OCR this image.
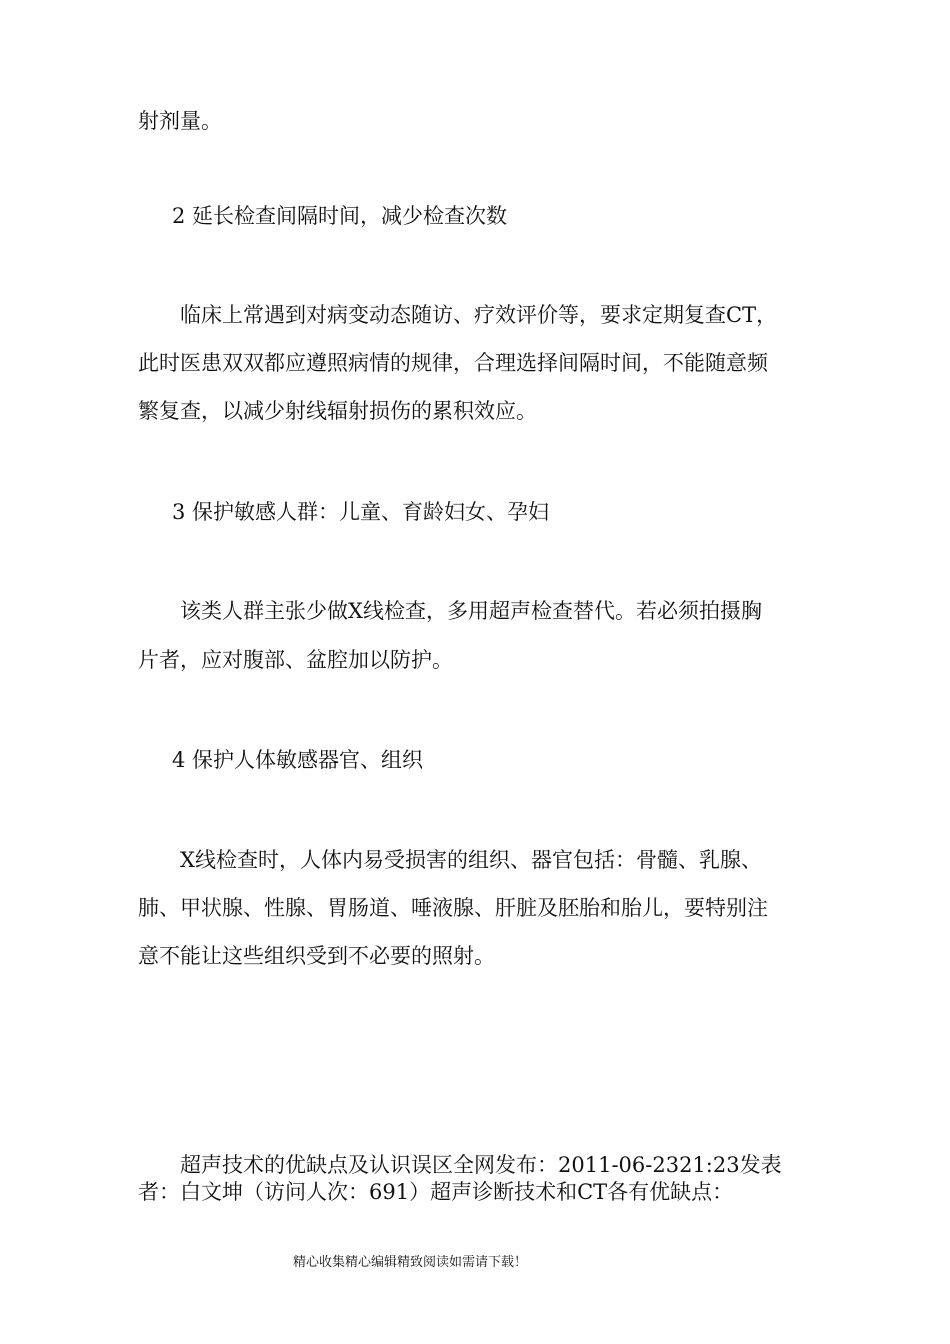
射剂量。
2 延长检查间隔时间，减少检查次数
临床上常遇到对病变动态随访、疗效评价等，要求定期复查CT，
此时医患双双都应遵照病情的规律，合理选择间隔时间，不能随意频
繁复查，以减少射线辐射损伤的累积效应。
3 保护敏感人群：儿童、育龄妇女、孕妇
该类人群主张少做X线检查，多用超声检查替代。若必须拍摄胸
片者，应对腹部、盆腔加以防护。
4 保护人体敏感器官、组织
X线检查时，人体内易受损害的组织、器官包括：骨髓、乳腺、
肺、甲状腺、性腺、胃肠道、唾液腺、肝脏及胚胎和胎儿，要特别注
意不能让这些组织受到不必要的照射。
超声技术的优缺点及认识误区全网发布：2011-06-2321:23发表
者：白文坤（访问人次：691）超声诊断技术和CT各有优缺点：
精心收集精心编辑精致阅读如需请下载！
